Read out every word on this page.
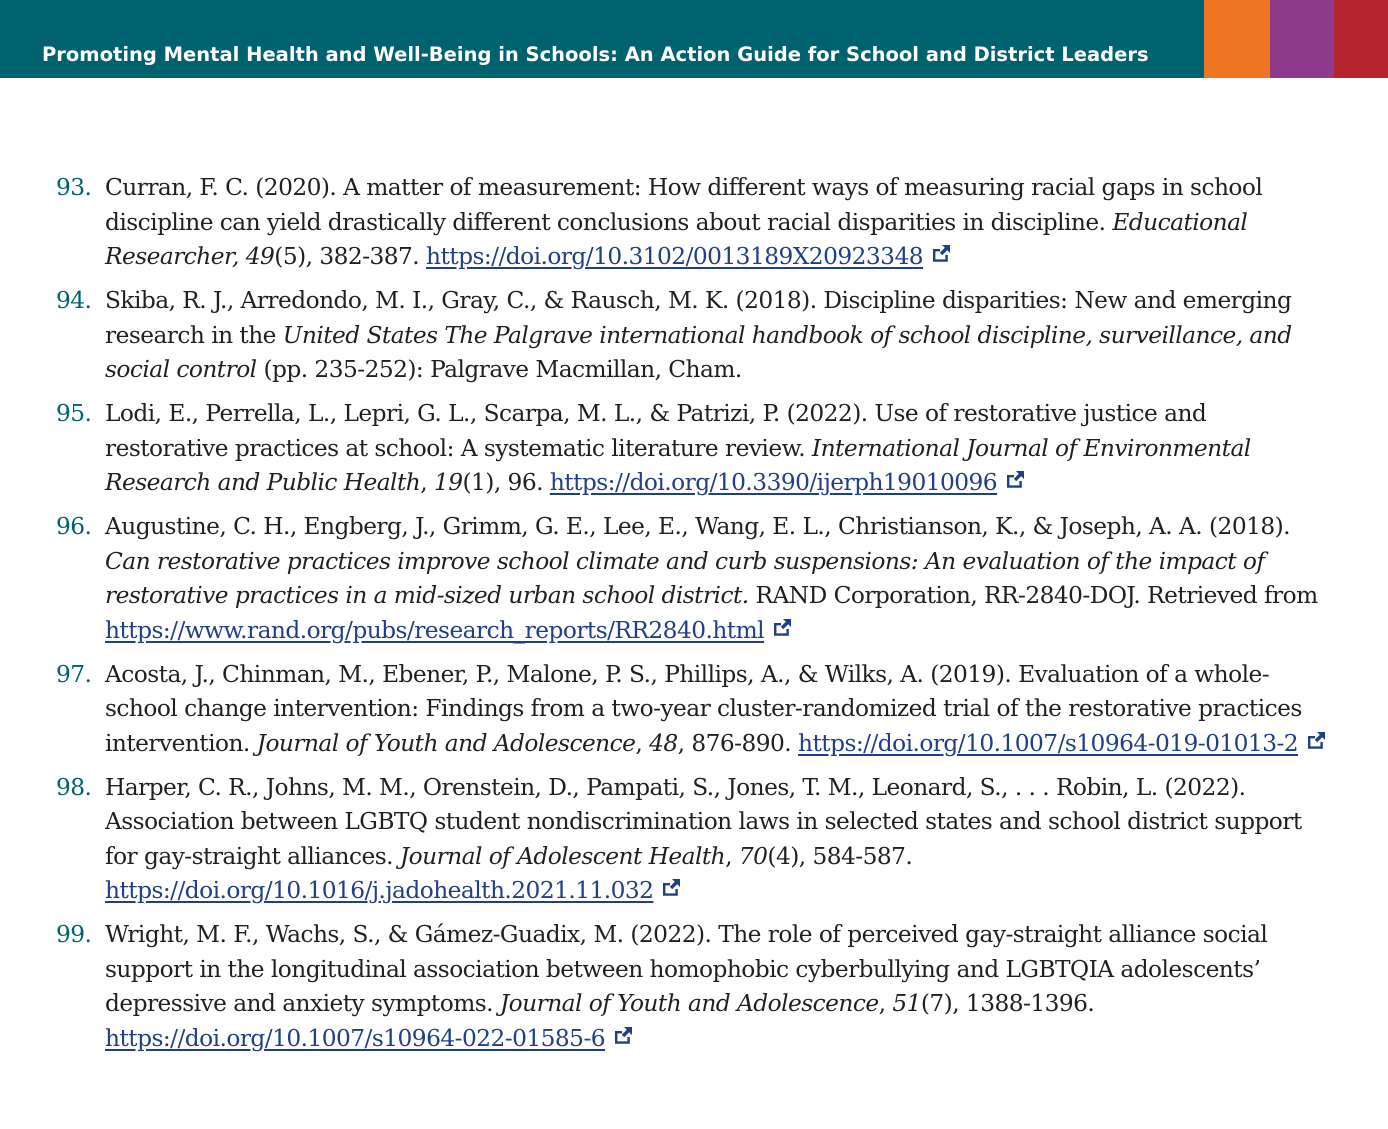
Promoting Mental Health and Well-Being in Schools: An Action Guide for School and District Leaders
93. Curran, F. C. (2020). A matter of measurement: How different ways of measuring racial gaps in school discipline can yield drastically different conclusions about racial disparities in discipline. Educational Researcher, 49(5), 382-387. https://doi.org/10.3102/0013189X20923348
94. Skiba, R. J., Arredondo, M. I., Gray, C., & Rausch, M. K. (2018). Discipline disparities: New and emerging research in the United States The Palgrave international handbook of school discipline, surveillance, and social control (pp. 235-252): Palgrave Macmillan, Cham.
95. Lodi, E., Perrella, L., Lepri, G. L., Scarpa, M. L., & Patrizi, P. (2022). Use of restorative justice and restorative practices at school: A systematic literature review. International Journal of Environmental Research and Public Health, 19(1), 96. https://doi.org/10.3390/ijerph19010096
96. Augustine, C. H., Engberg, J., Grimm, G. E., Lee, E., Wang, E. L., Christianson, K., & Joseph, A. A. (2018). Can restorative practices improve school climate and curb suspensions: An evaluation of the impact of restorative practices in a mid-sized urban school district. RAND Corporation, RR-2840-DOJ. Retrieved from https://www.rand.org/pubs/research_reports/RR2840.html
97. Acosta, J., Chinman, M., Ebener, P., Malone, P. S., Phillips, A., & Wilks, A. (2019). Evaluation of a whole-school change intervention: Findings from a two-year cluster-randomized trial of the restorative practices intervention. Journal of Youth and Adolescence, 48, 876-890. https://doi.org/10.1007/s10964-019-01013-2
98. Harper, C. R., Johns, M. M., Orenstein, D., Pampati, S., Jones, T. M., Leonard, S., . . . Robin, L. (2022). Association between LGBTQ student nondiscrimination laws in selected states and school district support for gay-straight alliances. Journal of Adolescent Health, 70(4), 584-587. https://doi.org/10.1016/j.jadohealth.2021.11.032
99. Wright, M. F., Wachs, S., & Gámez-Guadix, M. (2022). The role of perceived gay-straight alliance social support in the longitudinal association between homophobic cyberbullying and LGBTQIA adolescents’ depressive and anxiety symptoms. Journal of Youth and Adolescence, 51(7), 1388-1396. https://doi.org/10.1007/s10964-022-01585-6
